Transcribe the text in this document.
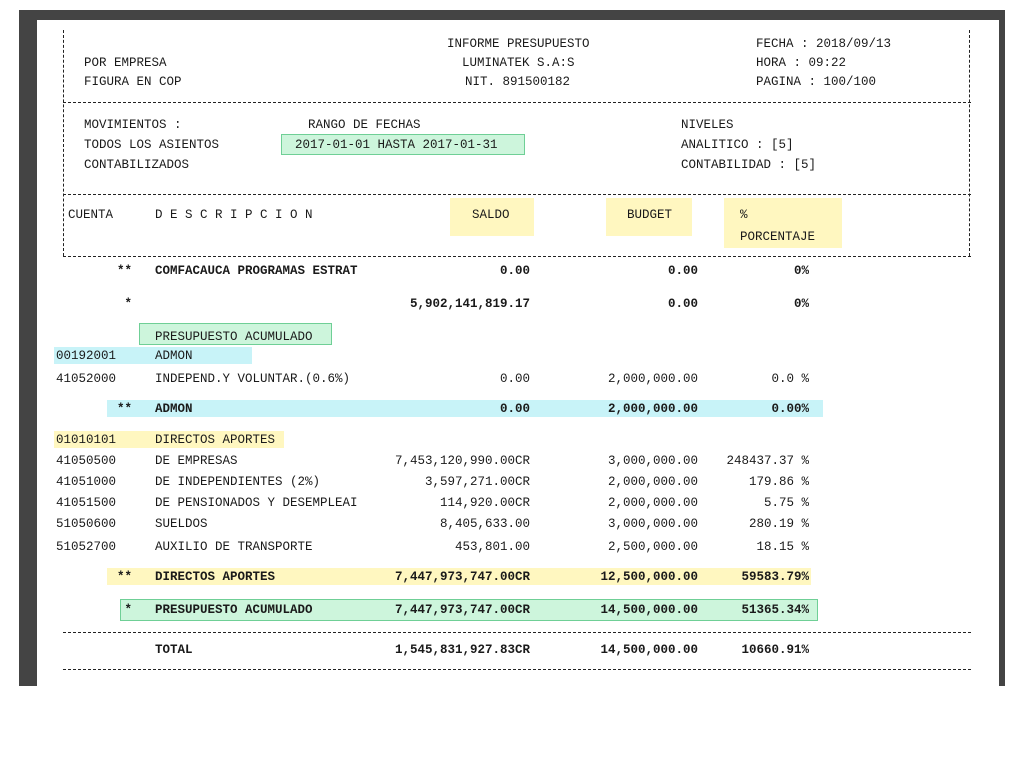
INFORME PRESUPUESTO
POR EMPRESA	LUMINATEK S.A:S
FIGURA EN COP	NIT. 891500182
FECHA : 2018/09/13
HORA : 09:22
PAGINA : 100/100
MOVIMIENTOS :
TODOS LOS ASIENTOS
CONTABILIZADOS
RANGO DE FECHAS
2017-01-01 HASTA 2017-01-31
NIVELES
ANALITICO : [5]
CONTABILIDAD : [5]
CUENTA	D E S C R I P C I O N	SALDO	BUDGET	%
PORCENTAJE
** COMFACAUCA PROGRAMAS ESTRAT	0.00	0.00	0%
*	5,902,141,819.17	0.00	0%
PRESUPUESTO ACUMULADO
00192001	ADMON
41052000	INDEPEND.Y VOLUNTAR.(0.6%)	0.00	2,000,000.00	0.0 %
** ADMON	0.00	2,000,000.00	0.00%
01010101	DIRECTOS APORTES
41050500	DE EMPRESAS	7,453,120,990.00CR	3,000,000.00	248437.37 %
41051000	DE INDEPENDIENTES (2%)	3,597,271.00CR	2,000,000.00	179.86 %
41051500	DE PENSIONADOS Y DESEMPLEAI	114,920.00CR	2,000,000.00	5.75 %
51050600	SUELDOS	8,405,633.00	3,000,000.00	280.19 %
51052700	AUXILIO DE TRANSPORTE	453,801.00	2,500,000.00	18.15 %
** DIRECTOS APORTES	7,447,973,747.00CR	12,500,000.00	59583.79%
* PRESUPUESTO ACUMULADO	7,447,973,747.00CR	14,500,000.00	51365.34%
TOTAL	1,545,831,927.83CR	14,500,000.00	10660.91%
